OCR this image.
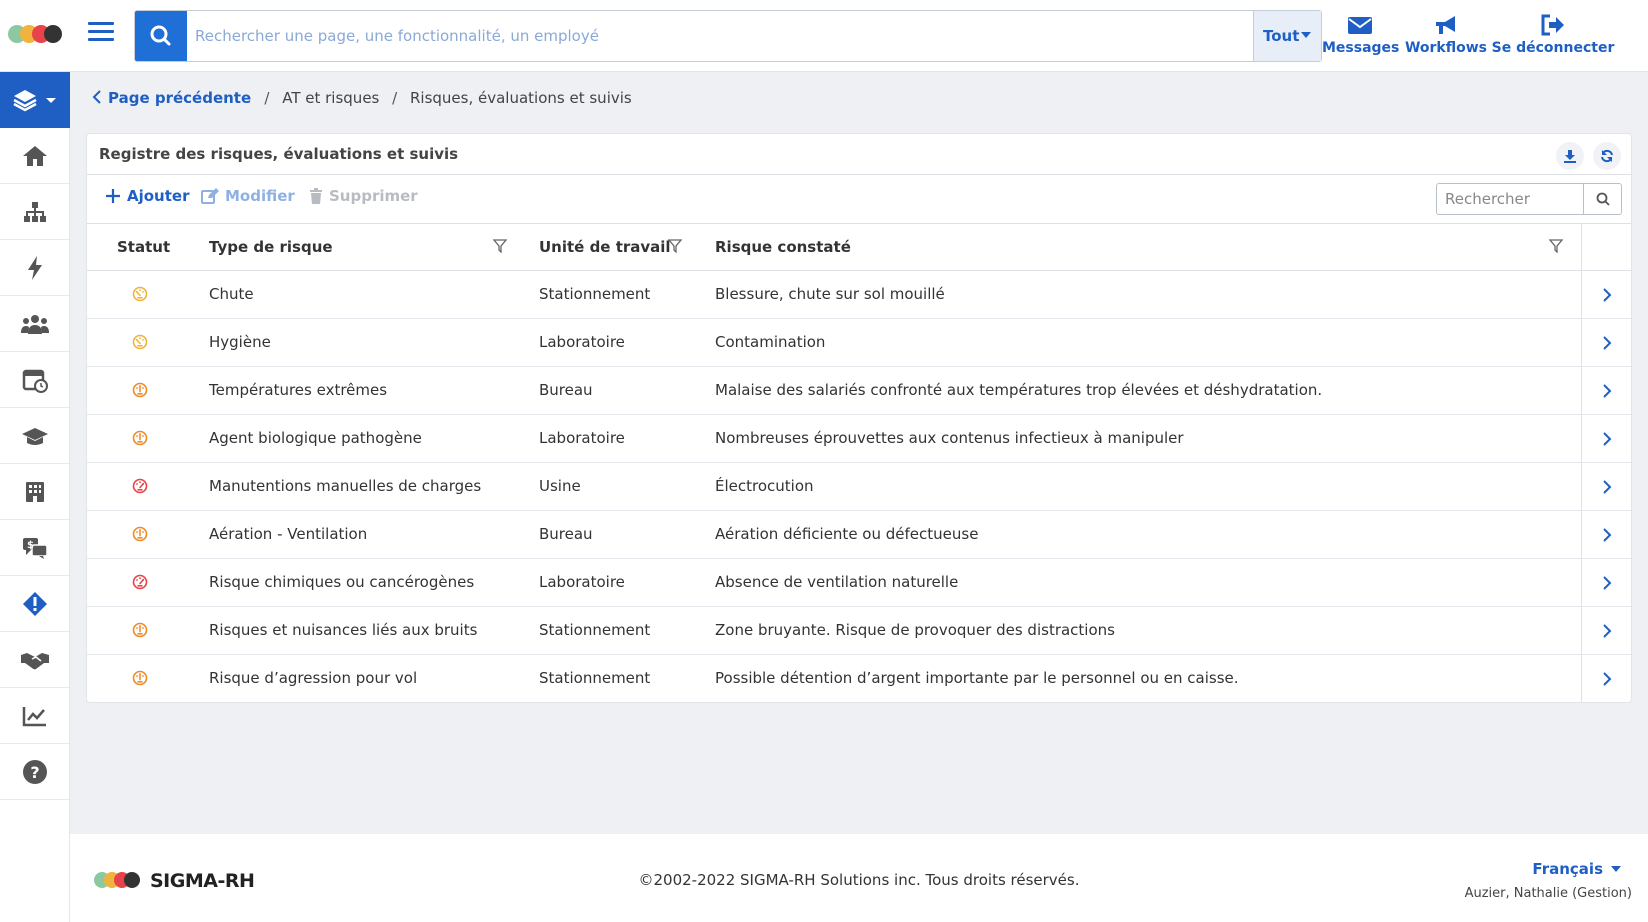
Rechercher une page, une fonctionnalité, un employé
Tout
Messages Workflows Se déconnecter
$
?
Page précédente / AT et risques / Risques, évaluations et suivis
Registre des risques, évaluations et suivis

Ajouter	Modifier	Supprimer
Rechercher
Statut	Type de risque	Unité de travail	Risque constaté
Chute	Stationnement	Blessure, chute sur sol mouillé
Hygiène	Laboratoire	Contamination
Températures extrêmes	Bureau	Malaise des salariés confronté aux températures trop élevées et déshydratation.
Agent biologique pathogène	Laboratoire	Nombreuses éprouvettes aux contenus infectieux à manipuler
Manutentions manuelles de charges	Usine	Électrocution
Aération - Ventilation	Bureau	Aération déficiente ou défectueuse
Risque chimiques ou cancérogènes	Laboratoire	Absence de ventilation naturelle
Risques et nuisances liés aux bruits	Stationnement	Zone bruyante. Risque de provoquer des distractions
Risque d’agression pour vol	Stationnement	Possible détention d’argent importante par le personnel ou en caisse.
SIGMA-RH	©2002-2022 SIGMA-RH Solutions inc. Tous droits réservés.
Français
Auzier, Nathalie (Gestion)
